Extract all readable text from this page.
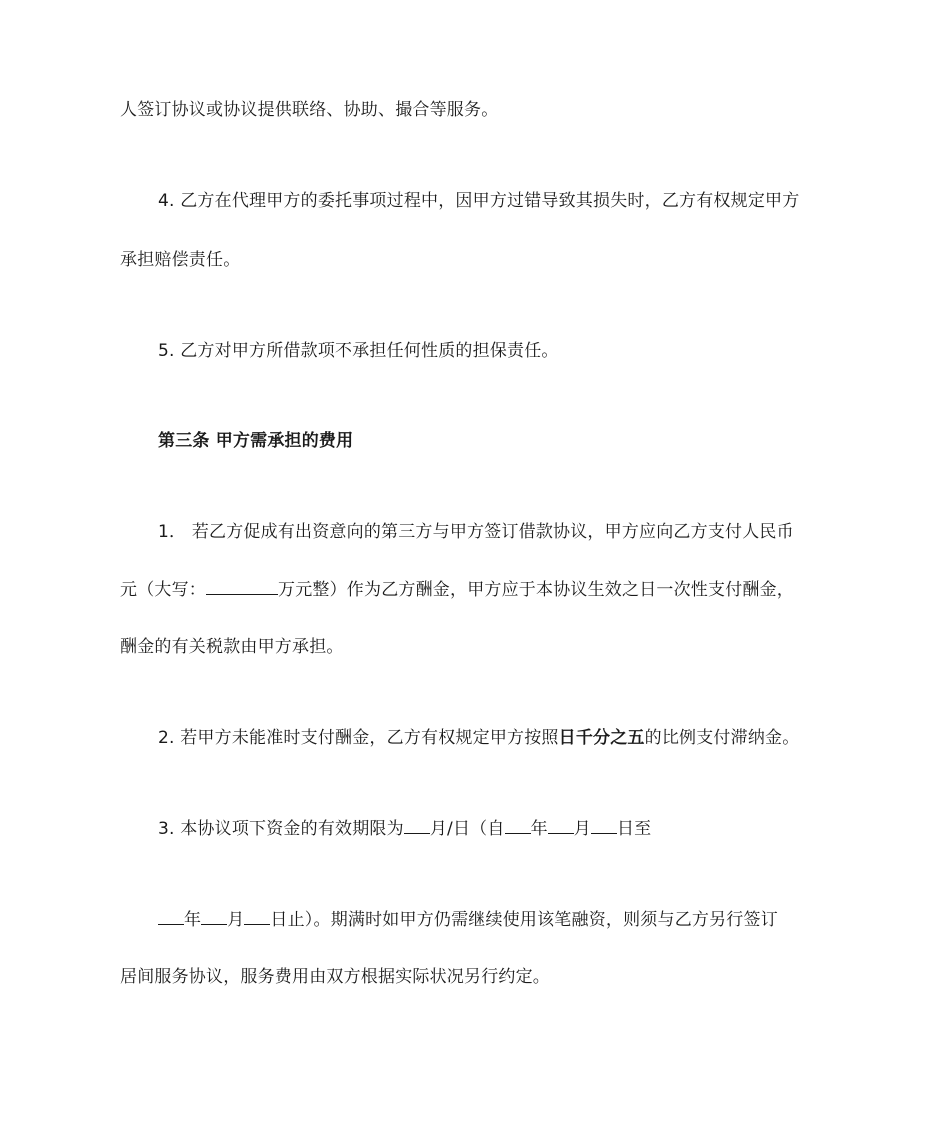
人签订协议或协议提供联络、协助、撮合等服务。
4. 乙方在代理甲方的委托事项过程中，因甲方过错导致其损失时，乙方有权规定甲方
承担赔偿责任。
5. 乙方对甲方所借款项不承担任何性质的担保责任。
第三条 甲方需承担的费用
1． 若乙方促成有出资意向的第三方与甲方签订借款协议，甲方应向乙方支付人民币
元（大写：	万元整）作为乙方酬金，甲方应于本协议生效之日一次性支付酬金，
酬金的有关税款由甲方承担。
2. 若甲方未能准时支付酬金，乙方有权规定甲方按照日千分之五的比例支付滞纳金。
3. 本协议项下资金的有效期限为 月/日（自 年 月 日至
年 月 日止）。期满时如甲方仍需继续使用该笔融资，则须与乙方另行签订
居间服务协议，服务费用由双方根据实际状况另行约定。
